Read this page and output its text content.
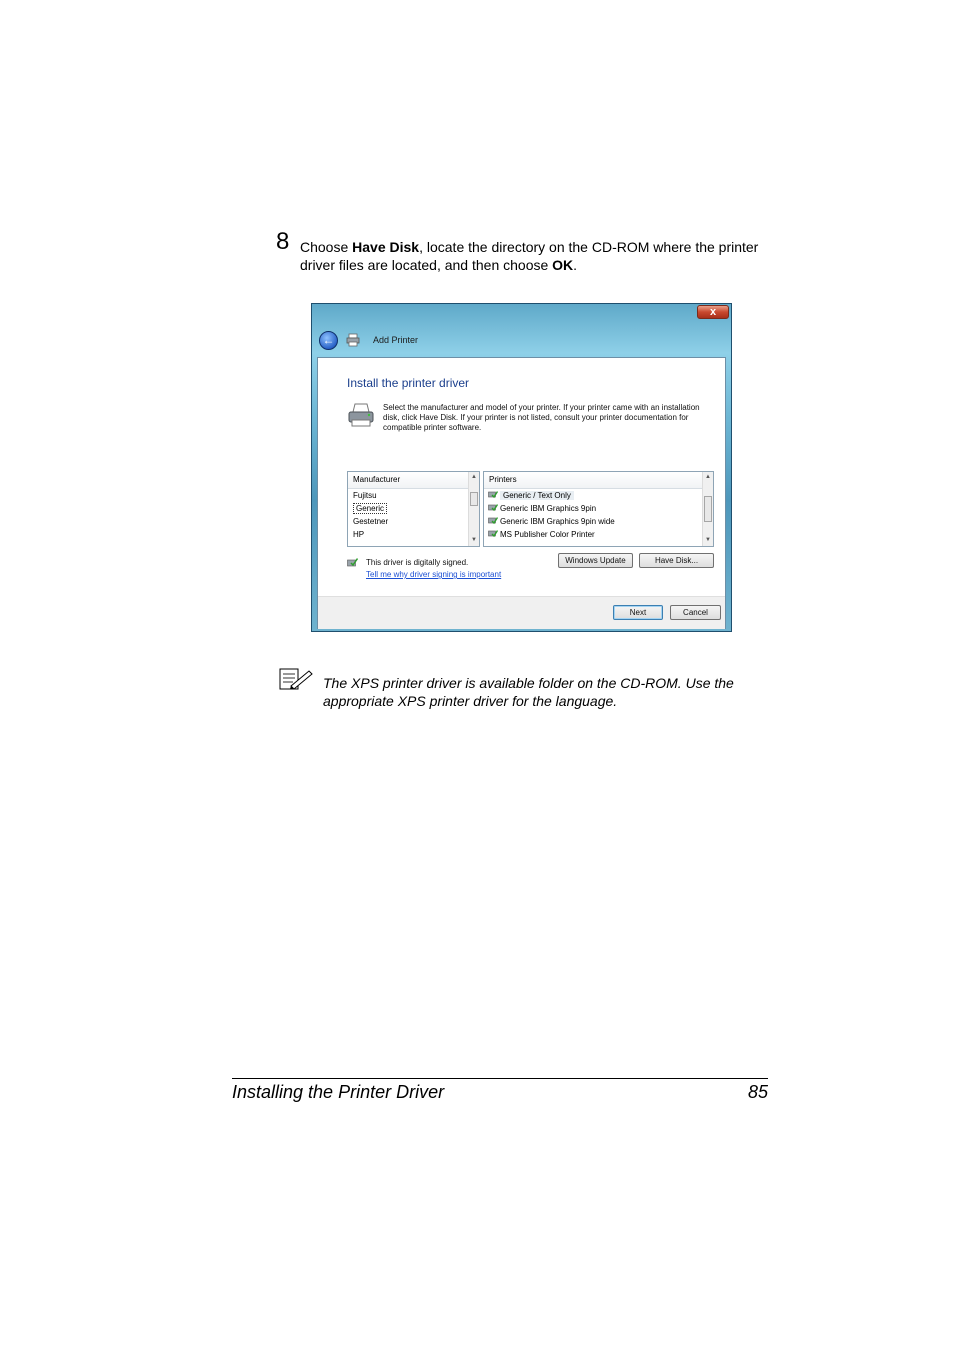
8 Choose Have Disk, locate the directory on the CD-ROM where the printer driver files are located, and then choose OK.
x
←	Add Printer
Install the printer driver
Select the manufacturer and model of your printer. If your printer came with an installation disk, click Have Disk. If your printer is not listed, consult your printer documentation for compatible printer software.
Manufacturer
Fujitsu
Generic
Gestetner
HP
▲
▼
Printers
Generic / Text Only
Generic IBM Graphics 9pin
Generic IBM Graphics 9pin wide
MS Publisher Color Printer
▲
▼
This driver is digitally signed.
Tell me why driver signing is important
Windows Update	Have Disk...
Next	Cancel
The XPS printer driver is available folder on the CD-ROM. Use the appropriate XPS printer driver for the language.
Installing the Printer Driver	85
